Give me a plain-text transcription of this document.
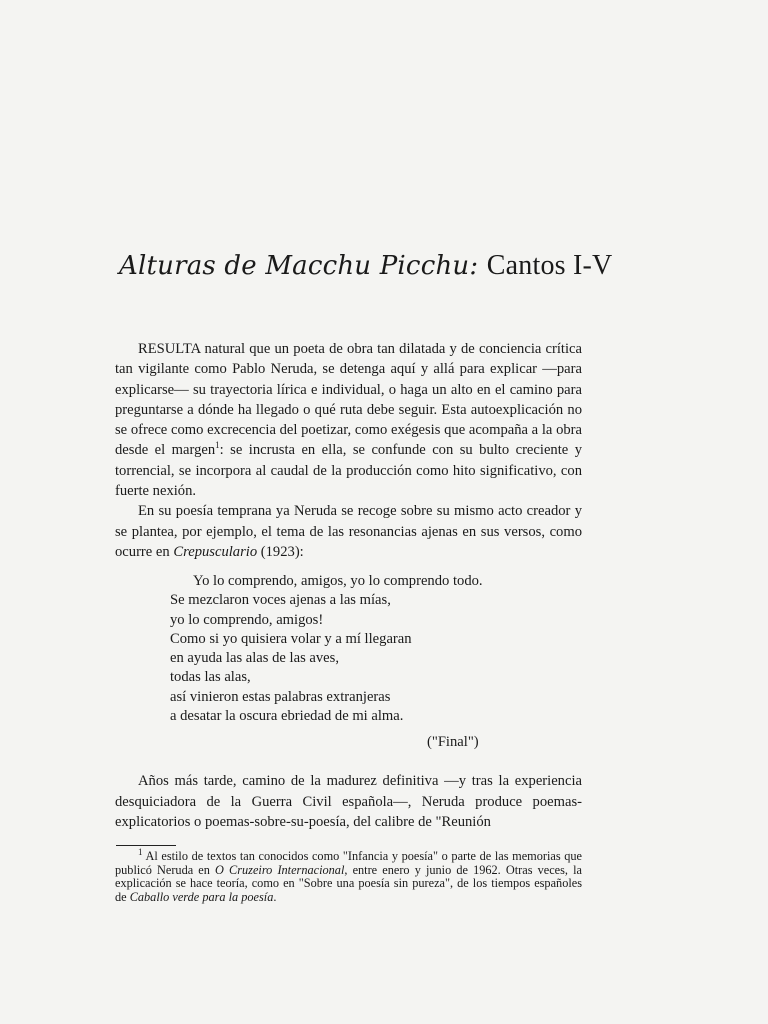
Alturas de Macchu Picchu: Cantos I-V

RESULTA natural que un poeta de obra tan dilatada y de conciencia crítica tan vigilante como Pablo Neruda, se detenga aquí y allá para explicar —para explicarse— su trayectoria lírica e individual, o haga un alto en el camino para preguntarse a dónde ha llegado o qué ruta debe seguir. Esta autoexplicación no se ofrece como excrecencia del poetizar, como exégesis que acompaña a la obra desde el margen$^1$: se incrusta en ella, se confunde con su bulto creciente y torrencial, se incorpora al caudal de la producción como hito significativo, con fuerte nexión.

En su poesía temprana ya Neruda se recoge sobre su mismo acto creador y se plantea, por ejemplo, el tema de las resonancias ajenas en sus versos, como ocurre en Crepusculario (1923):

Yo lo comprendo, amigos, yo lo comprendo todo.
Se mezclaron voces ajenas a las mías,
yo lo comprendo, amigos!
Como si yo quisiera volar y a mí llegaran
en ayuda las alas de las aves,
todas las alas,
así vinieron estas palabras extranjeras
a desatar la oscura ebriedad de mi alma.
("Final")

Años más tarde, camino de la madurez definitiva —y tras la experiencia desquiciadora de la Guerra Civil española—, Neruda produce poemas-explicatorios o poemas-sobre-su-poesía, del calibre de "Reunión

$^1$ Al estilo de textos tan conocidos como "Infancia y poesía" o parte de las memorias que publicó Neruda en O Cruzeiro Internacional, entre enero y junio de 1962. Otras veces, la explicación se hace teoría, como en "Sobre una poesía sin pureza", de los tiempos españoles de Caballo verde para la poesía.
